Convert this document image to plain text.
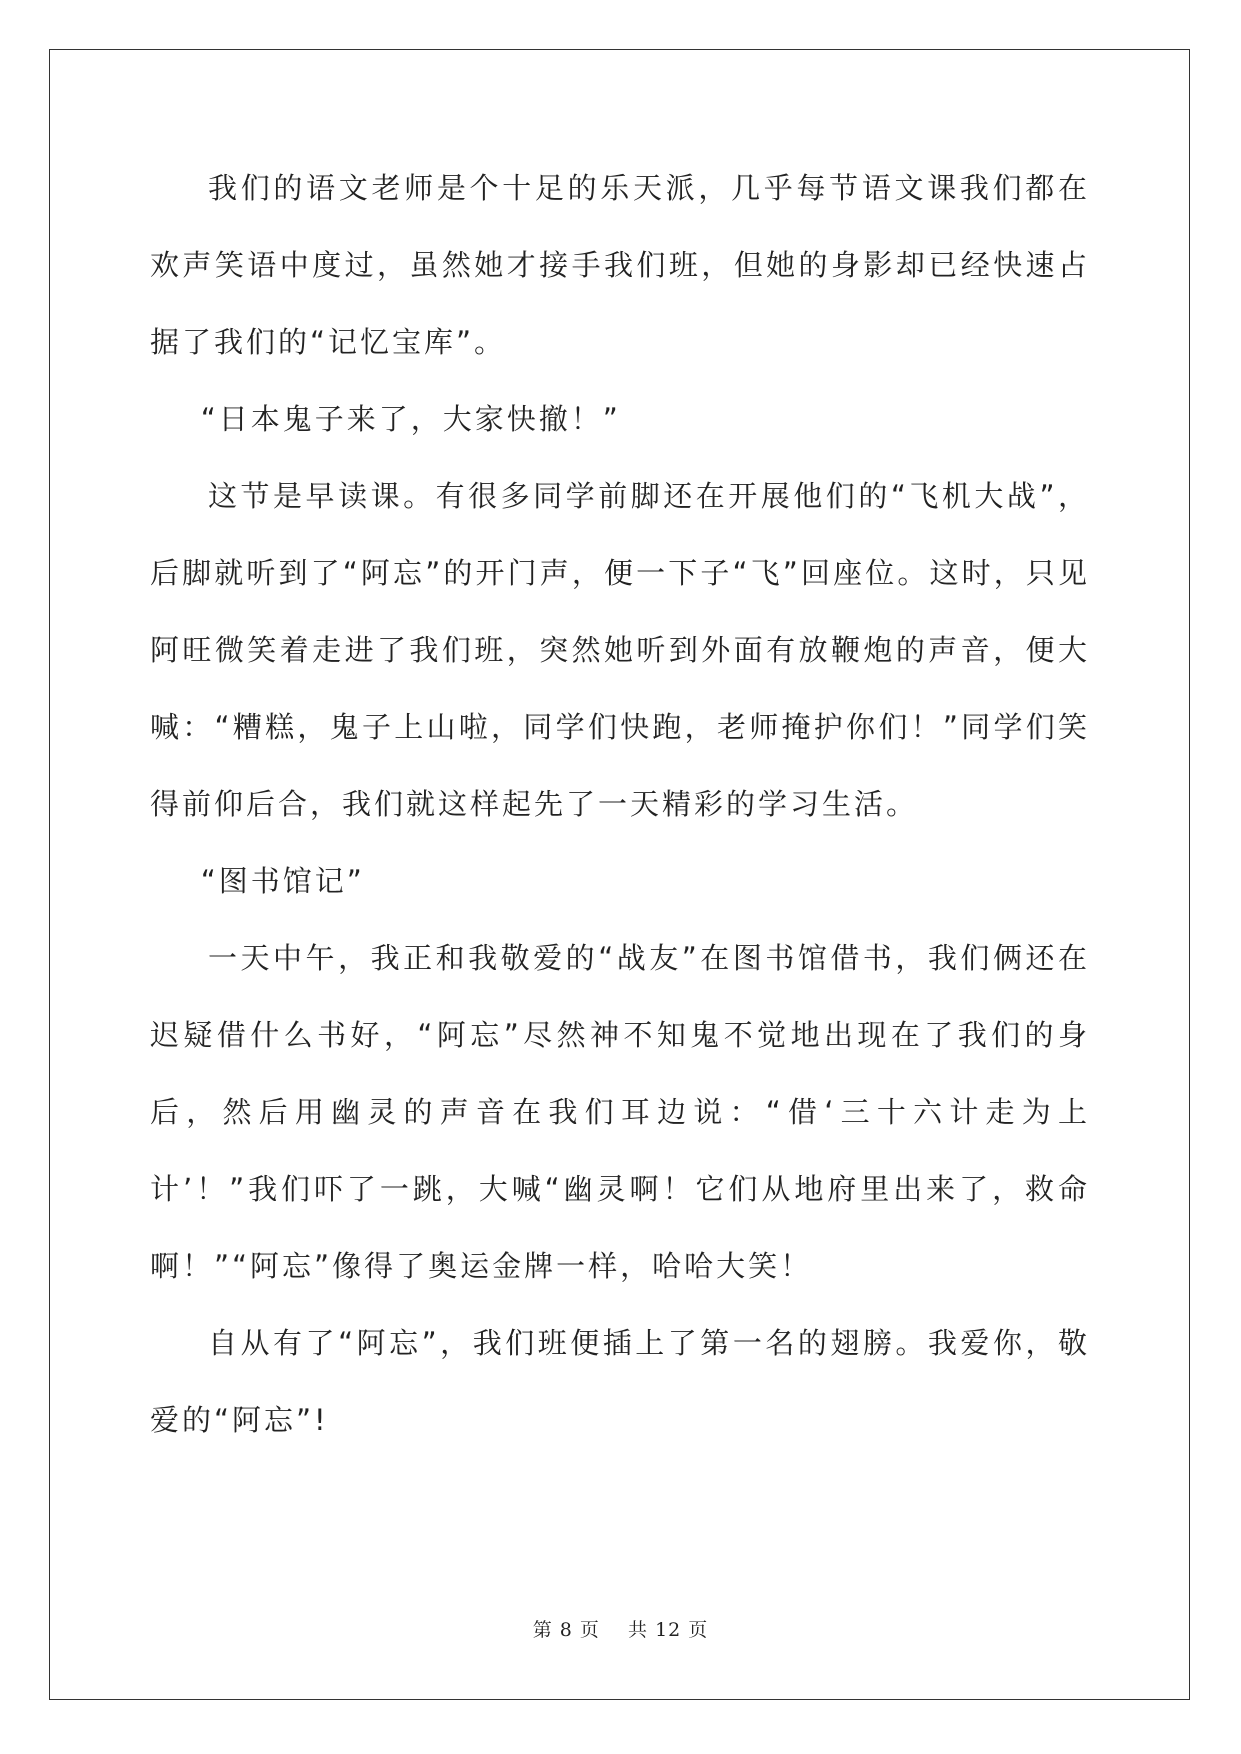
我们的语文老师是个十足的乐天派，几乎每节语文课我们都在欢声笑语中度过，虽然她才接手我们班，但她的身影却已经快速占据了我们的“记忆宝库”。

“日本鬼子来了，大家快撤！”

这节是早读课。有很多同学前脚还在开展他们的“飞机大战”，后脚就听到了“阿忘”的开门声，便一下子“飞”回座位。这时，只见阿旺微笑着走进了我们班，突然她听到外面有放鞭炮的声音，便大喊：“糟糕，鬼子上山啦，同学们快跑，老师掩护你们！”同学们笑得前仰后合，我们就这样起先了一天精彩的学习生活。

“图书馆记”

一天中午，我正和我敬爱的“战友”在图书馆借书，我们俩还在迟疑借什么书好，“阿忘”尽然神不知鬼不觉地出现在了我们的身后，然后用幽灵的声音在我们耳边说：“借‘三十六计走为上计’！”我们吓了一跳，大喊“幽灵啊！它们从地府里出来了，救命啊！”“阿忘”像得了奥运金牌一样，哈哈大笑！

自从有了“阿忘”，我们班便插上了第一名的翅膀。我爱你，敬爱的“阿忘”!

第 8 页    共 12 页
